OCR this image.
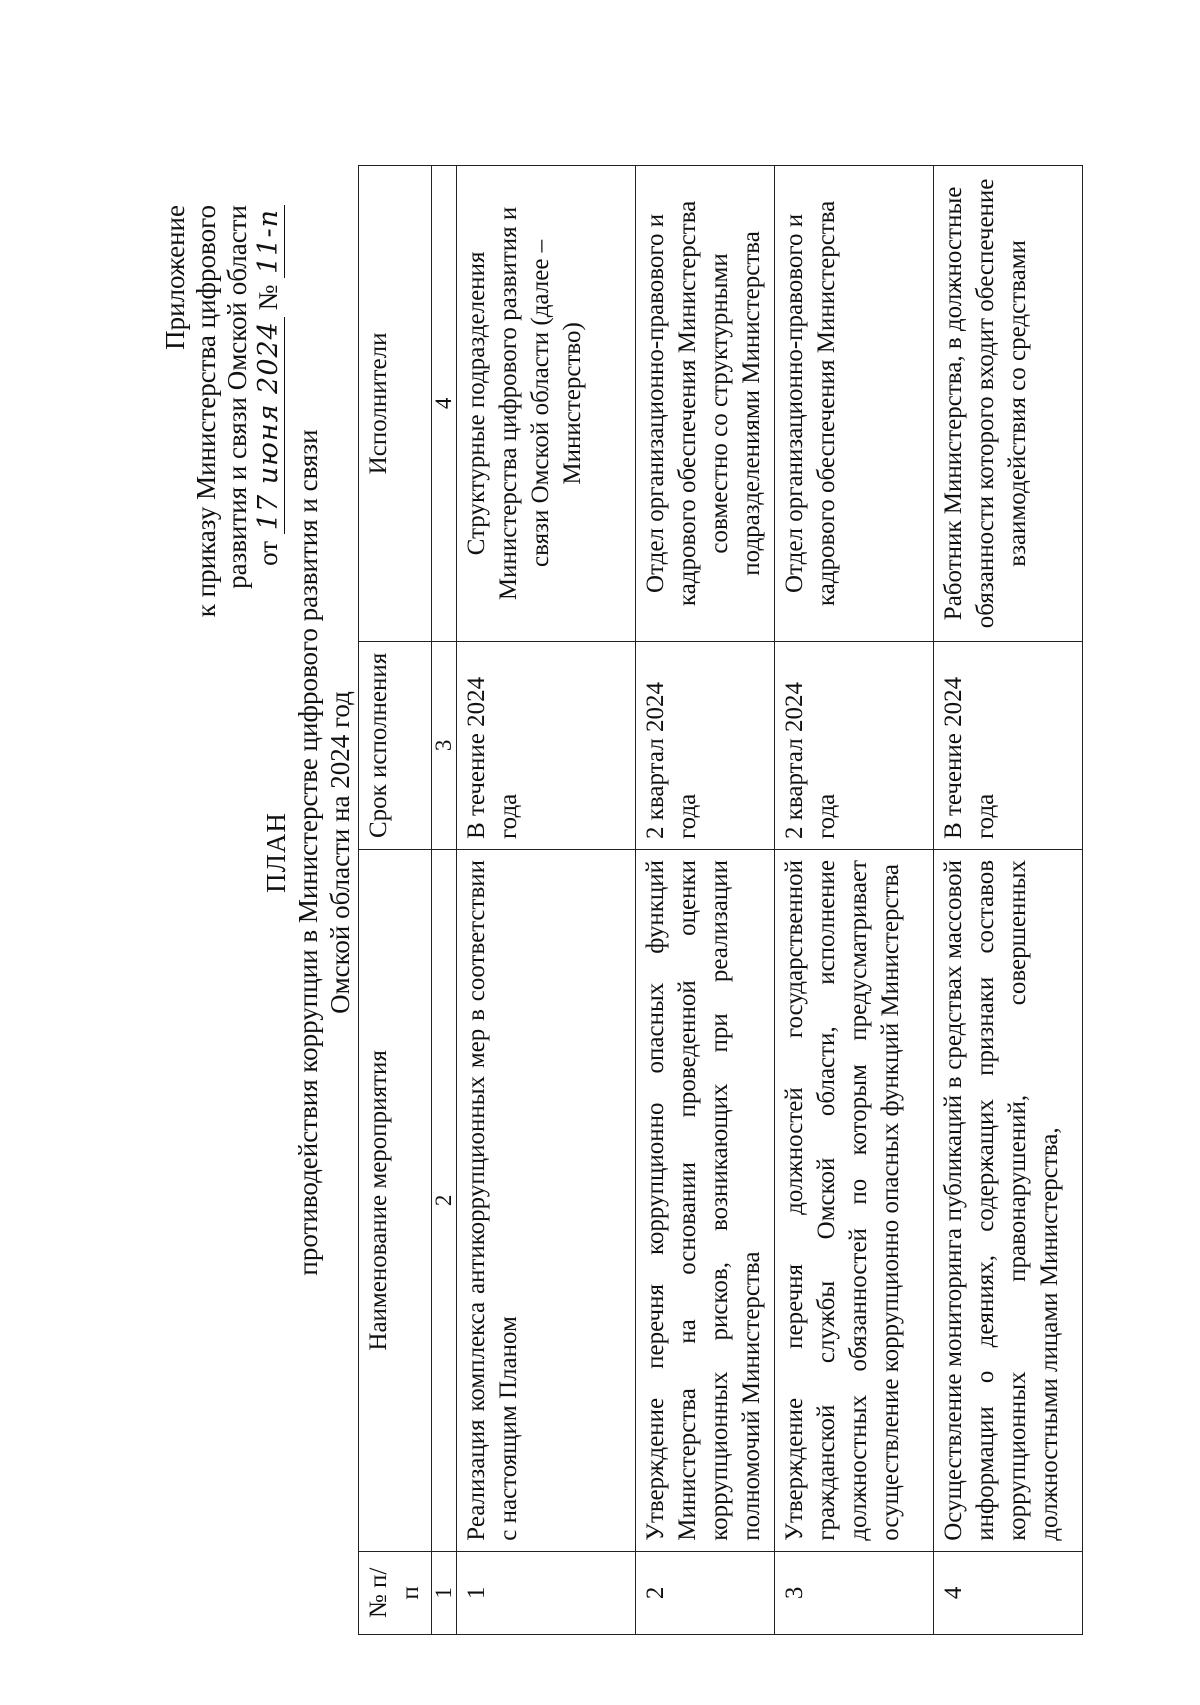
Приложение к приказу Министерства цифрового развития и связи Омской области от 17 июня 2024 № 11-п
ПЛАН противодействия коррупции в Министерстве цифрового развития и связи Омской области на 2024 год
№ п/п	Наименование мероприятия	Срок исполнения	Исполнители
1	2	3	4
1	Реализация комплекса антикоррупционных мер в соответствии с настоящим Планом	В течение 2024 года	Структурные подразделения Министерства цифрового развития и связи Омской области (далее – Министерство)
2	Утверждение перечня коррупционно опасных функций Министерства на основании проведенной оценки коррупционных рисков, возникающих при реализации полномочий Министерства	2 квартал 2024 года	Отдел организационно-правового и кадрового обеспечения Министерства совместно со структурными подразделениями Министерства
3	Утверждение перечня должностей государственной гражданской службы Омской области, исполнение должностных обязанностей по которым предусматривает осуществление коррупционно опасных функций Министерства	2 квартал 2024 года	Отдел организационно-правового и кадрового обеспечения Министерства
4	Осуществление мониторинга публикаций в средствах массовой информации о деяниях, содержащих признаки составов коррупционных правонарушений, совершенных должностными лицами Министерства,	В течение 2024 года	Работник Министерства, в должностные обязанности которого входит обеспечение взаимодействия со средствами
